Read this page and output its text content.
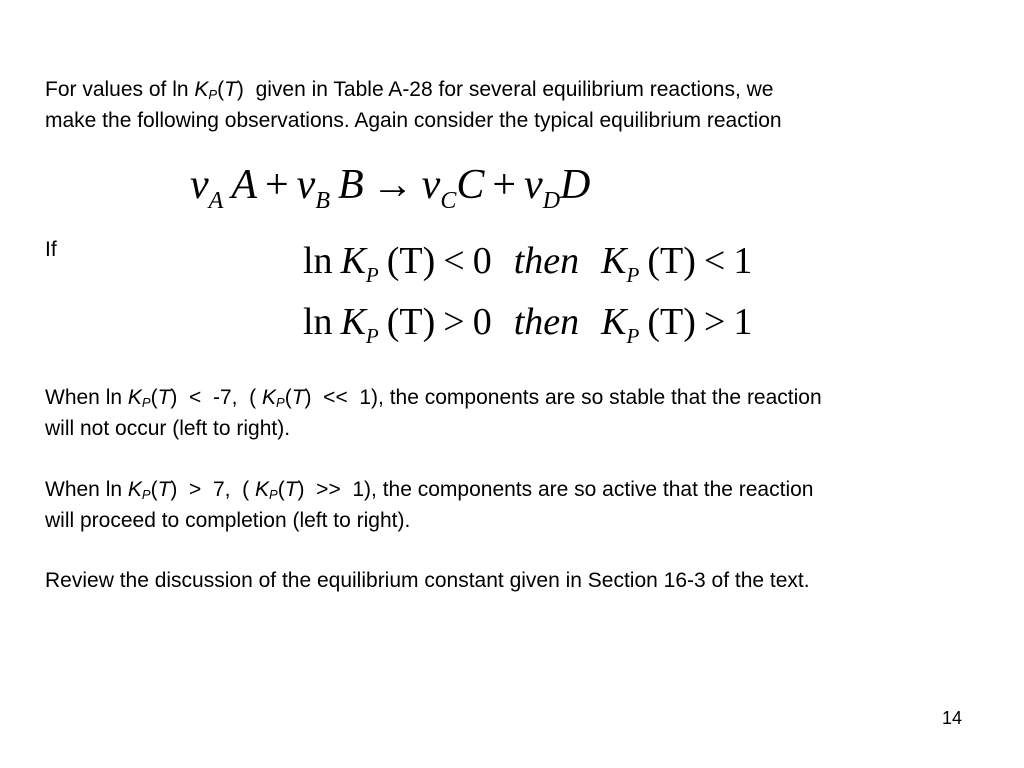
For values of $\ln K_P(T)$  given in Table A-28 for several equilibrium reactions, we
make the following observations. Again consider the typical equilibrium reaction
$\nu_A$ $A + \nu_B$ $B \to \nu_CC + \nu_DD$
If	$\ln K_P$ (T) < 0 then $K_P$ (T) < 1
$\ln K_P$ (T) > 0 then $K_P$ (T) > 1
When $\ln K_P(T) < -7$,  ( $K_P(T) << 1$), the components are so stable that the reaction
will not occur (left to right).
When $\ln K_P(T) > 7$,  ( $K_P(T) >> 1$), the components are so active that the reaction
will proceed to completion (left to right).
Review the discussion of the equilibrium constant given in Section 16-3 of the text.
14
